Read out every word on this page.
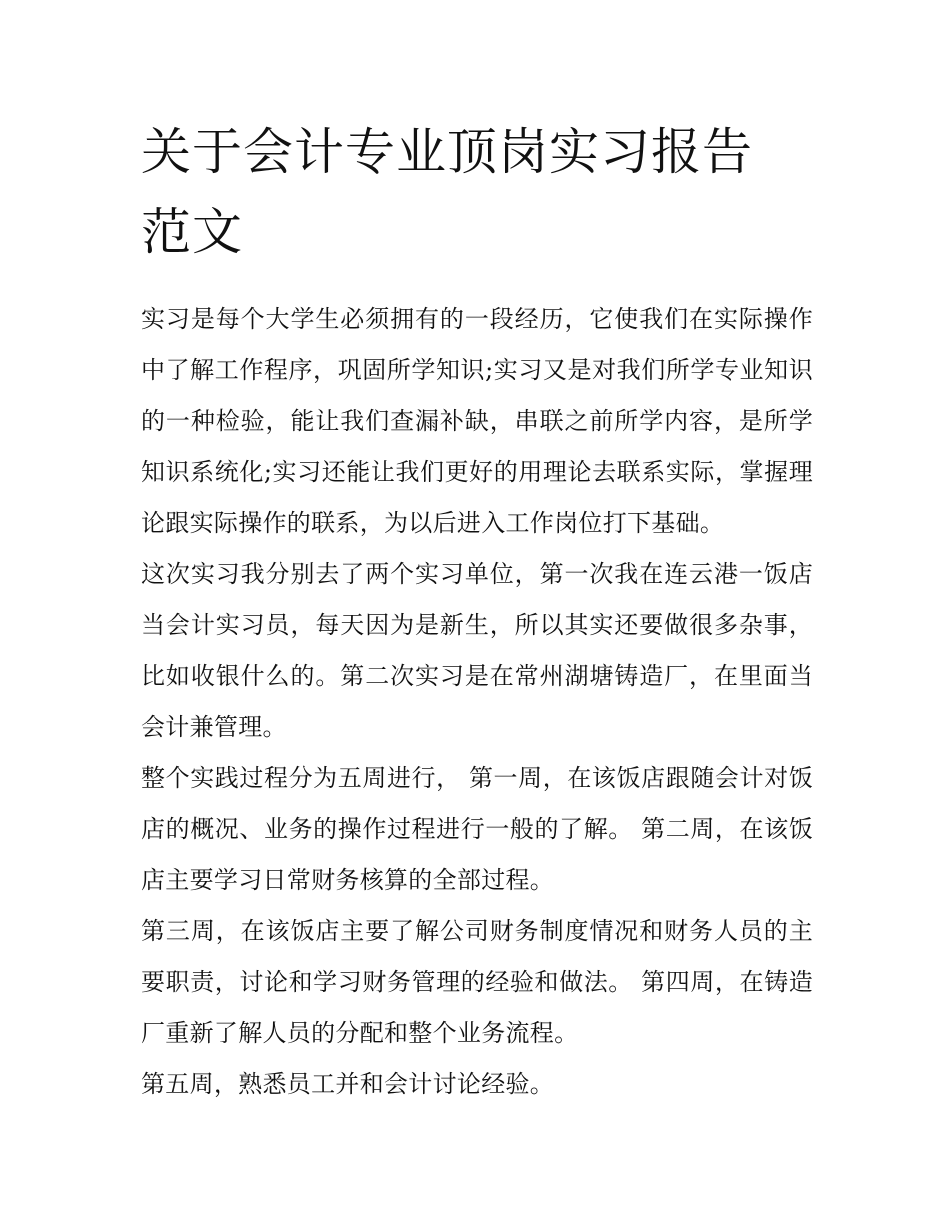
关于会计专业顶岗实习报告范文

实习是每个大学生必须拥有的一段经历，它使我们在实际操作中了解工作程序，巩固所学知识;实习又是对我们所学专业知识的一种检验，能让我们查漏补缺，串联之前所学内容，是所学知识系统化;实习还能让我们更好的用理论去联系实际，掌握理论跟实际操作的联系，为以后进入工作岗位打下基础。

这次实习我分别去了两个实习单位，第一次我在连云港一饭店当会计实习员，每天因为是新生，所以其实还要做很多杂事，比如收银什么的。第二次实习是在常州湖塘铸造厂，在里面当会计兼管理。

整个实践过程分为五周进行， 第一周，在该饭店跟随会计对饭店的概况、业务的操作过程进行一般的了解。 第二周，在该饭店主要学习日常财务核算的全部过程。

第三周，在该饭店主要了解公司财务制度情况和财务人员的主要职责，讨论和学习财务管理的经验和做法。 第四周，在铸造厂重新了解人员的分配和整个业务流程。

第五周，熟悉员工并和会计讨论经验。
